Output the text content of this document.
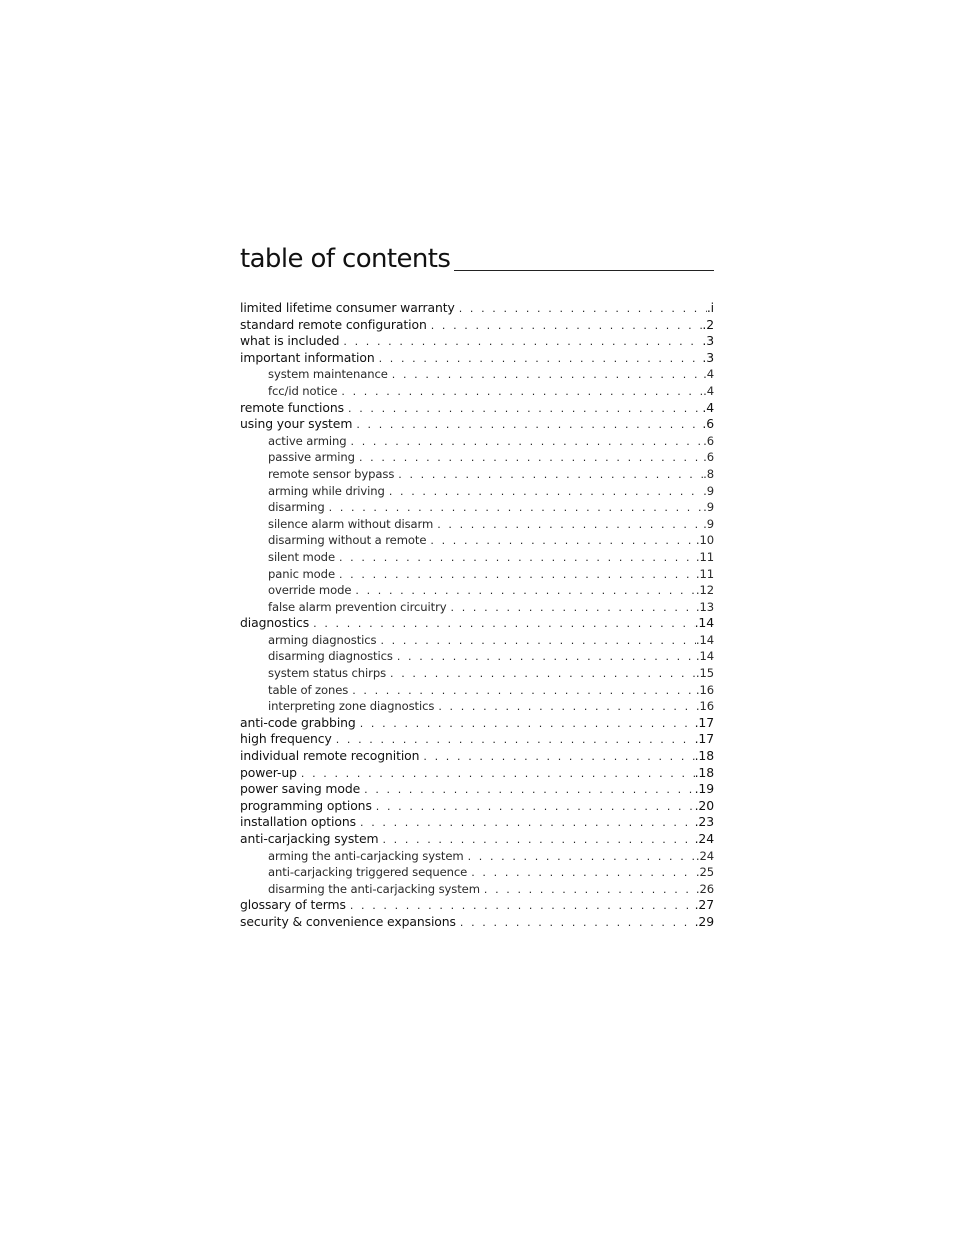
table of contents
limited lifetime consumer warranty . . .	.i
standard remote configuration . . .	.2
what is included . . .	.3
important information . . .	.3
system maintenance . . .	.4
fcc/id notice . . .	.4
remote functions . . .	.4
using your system . . .	.6
active arming . . .	.6
passive arming . . .	.6
remote sensor bypass . . .	.8
arming while driving . . .	.9
disarming . . .	.9
silence alarm without disarm . . .	.9
disarming without a remote . . .	.10
silent mode . . .	.11
panic mode . . .	.11
override mode . . .	.12
false alarm prevention circuitry . . .	.13
diagnostics . . .	.14
arming diagnostics . . .	.14
disarming diagnostics . . .	.14
system status chirps . . .	.15
table of zones . . .	.16
interpreting zone diagnostics . . .	.16
anti-code grabbing . . .	.17
high frequency . . .	.17
individual remote recognition . . .	.18
power-up . . .	.18
power saving mode . . .	.19
programming options . . .	.20
installation options . . .	.23
anti-carjacking system . . .	.24
arming the anti-carjacking system . . .	.24
anti-carjacking triggered sequence . . .	.25
disarming the anti-carjacking system . . .	.26
glossary of terms . . .	.27
security & convenience expansions . . .	.29
